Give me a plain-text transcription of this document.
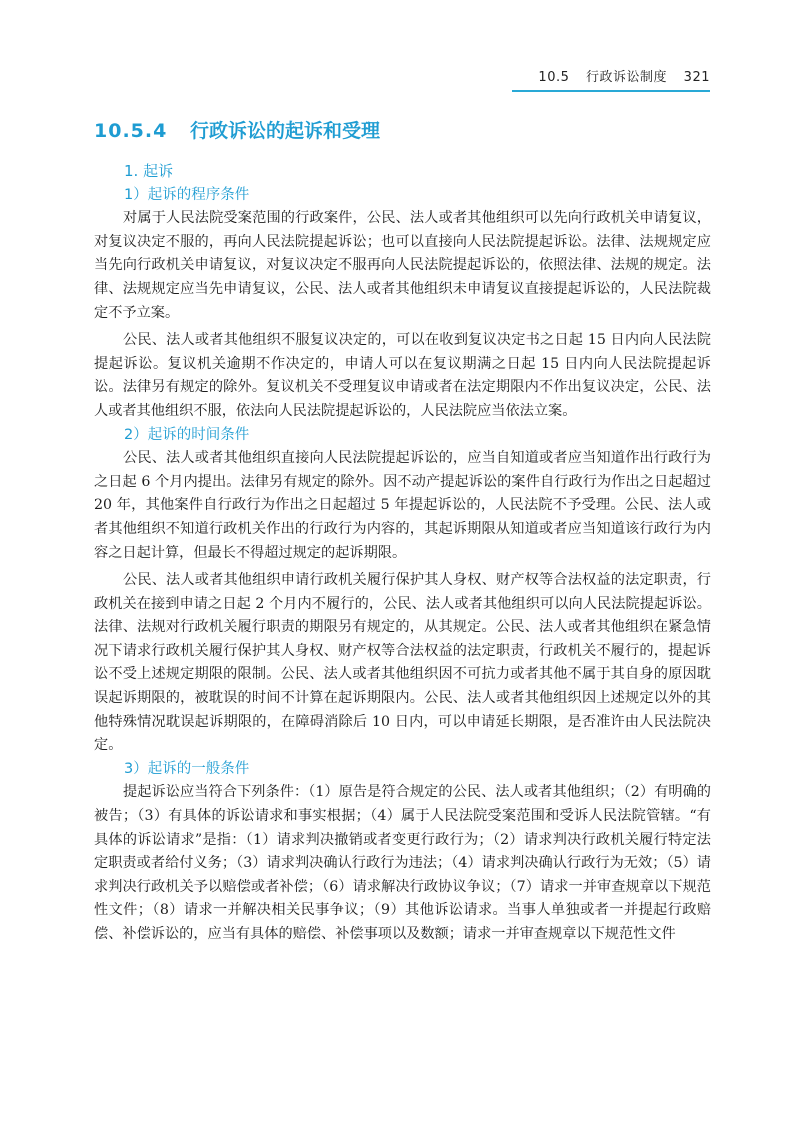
10.5 行政诉讼制度 321
10.5.4 行政诉讼的起诉和受理
1. 起诉
1）起诉的程序条件

对属于人民法院受案范围的行政案件，公民、法人或者其他组织可以先向行政机关申请复议，对复议决定不服的，再向人民法院提起诉讼；也可以直接向人民法院提起诉讼。法律、法规规定应当先向行政机关申请复议，对复议决定不服再向人民法院提起诉讼的，依照法律、法规的规定。法律、法规规定应当先申请复议，公民、法人或者其他组织未申请复议直接提起诉讼的，人民法院裁定不予立案。

公民、法人或者其他组织不服复议决定的，可以在收到复议决定书之日起 15 日内向人民法院提起诉讼。复议机关逾期不作决定的，申请人可以在复议期满之日起 15 日内向人民法院提起诉讼。法律另有规定的除外。复议机关不受理复议申请或者在法定期限内不作出复议决定，公民、法人或者其他组织不服，依法向人民法院提起诉讼的，人民法院应当依法立案。

2）起诉的时间条件

公民、法人或者其他组织直接向人民法院提起诉讼的，应当自知道或者应当知道作出行政行为之日起 6 个月内提出。法律另有规定的除外。因不动产提起诉讼的案件自行政行为作出之日起超过 20 年，其他案件自行政行为作出之日起超过 5 年提起诉讼的，人民法院不予受理。公民、法人或者其他组织不知道行政机关作出的行政行为内容的，其起诉期限从知道或者应当知道该行政行为内容之日起计算，但最长不得超过规定的起诉期限。

公民、法人或者其他组织申请行政机关履行保护其人身权、财产权等合法权益的法定职责，行政机关在接到申请之日起 2 个月内不履行的，公民、法人或者其他组织可以向人民法院提起诉讼。法律、法规对行政机关履行职责的期限另有规定的，从其规定。公民、法人或者其他组织在紧急情况下请求行政机关履行保护其人身权、财产权等合法权益的法定职责，行政机关不履行的，提起诉讼不受上述规定期限的限制。公民、法人或者其他组织因不可抗力或者其他不属于其自身的原因耽误起诉期限的，被耽误的时间不计算在起诉期限内。公民、法人或者其他组织因上述规定以外的其他特殊情况耽误起诉期限的，在障碍消除后 10 日内，可以申请延长期限，是否准许由人民法院决定。

3）起诉的一般条件

提起诉讼应当符合下列条件：（1）原告是符合规定的公民、法人或者其他组织；（2）有明确的被告；（3）有具体的诉讼请求和事实根据；（4）属于人民法院受案范围和受诉人民法院管辖。“有具体的诉讼请求”是指：（1）请求判决撤销或者变更行政行为；（2）请求判决行政机关履行特定法定职责或者给付义务；（3）请求判决确认行政行为违法；（4）请求判决确认行政行为无效；（5）请求判决行政机关予以赔偿或者补偿；（6）请求解决行政协议争议；（7）请求一并审查规章以下规范性文件；（8）请求一并解决相关民事争议；（9）其他诉讼请求。当事人单独或者一并提起行政赔偿、补偿诉讼的，应当有具体的赔偿、补偿事项以及数额；请求一并审查规章以下规范性文件
